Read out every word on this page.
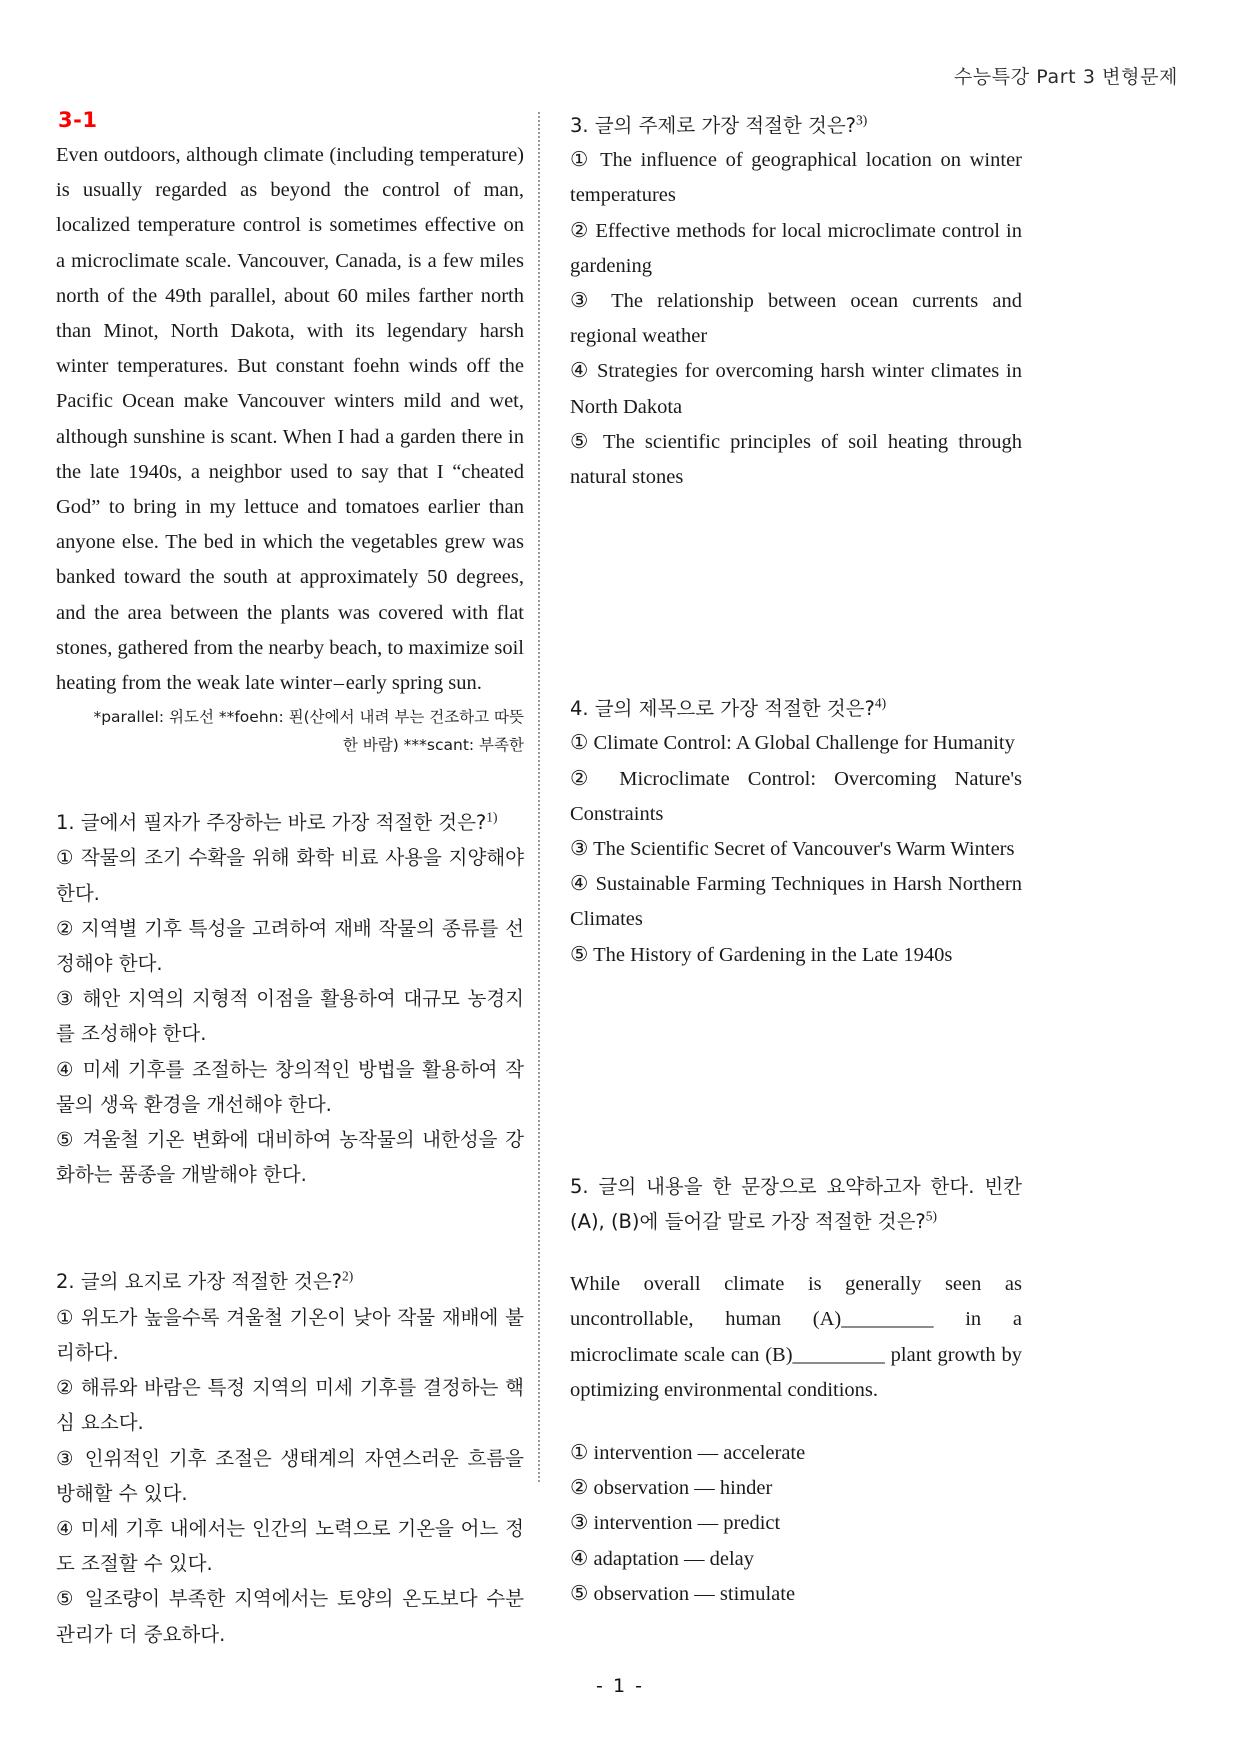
수능특강 Part 3 변형문제
3-1

Even outdoors, although climate (including temperature) is usually regarded as beyond the control of man, localized temperature control is sometimes effective on a microclimate scale. Vancouver, Canada, is a few miles north of the 49th parallel, about 60 miles farther north than Minot, North Dakota, with its legendary harsh winter temperatures. But constant foehn winds off the Pacific Ocean make Vancouver winters mild and wet, although sunshine is scant. When I had a garden there in the late 1940s, a neighbor used to say that I “cheated God” to bring in my lettuce and tomatoes earlier than anyone else. The bed in which the vegetables grew was banked toward the south at approximately 50 degrees, and the area between the plants was covered with flat stones, gathered from the nearby beach, to maximize soil heating from the weak late winter – early spring sun.

*parallel: 위도선 **foehn: 푄(산에서 내려 부는 건조하고 따뜻한 바람) ***scant: 부족한

1. 글에서 필자가 주장하는 바로 가장 적절한 것은?$^{1)}$

① 작물의 조기 수확을 위해 화학 비료 사용을 지양해야 한다.

② 지역별 기후 특성을 고려하여 재배 작물의 종류를 선정해야 한다.

③ 해안 지역의 지형적 이점을 활용하여 대규모 농경지를 조성해야 한다.

④ 미세 기후를 조절하는 창의적인 방법을 활용하여 작물의 생육 환경을 개선해야 한다.

⑤ 겨울철 기온 변화에 대비하여 농작물의 내한성을 강화하는 품종을 개발해야 한다.

2. 글의 요지로 가장 적절한 것은?$^{2)}$

① 위도가 높을수록 겨울철 기온이 낮아 작물 재배에 불리하다.

② 해류와 바람은 특정 지역의 미세 기후를 결정하는 핵심 요소다.

③ 인위적인 기후 조절은 생태계의 자연스러운 흐름을 방해할 수 있다.

④ 미세 기후 내에서는 인간의 노력으로 기온을 어느 정도 조절할 수 있다.

⑤ 일조량이 부족한 지역에서는 토양의 온도보다 수분 관리가 더 중요하다.

3. 글의 주제로 가장 적절한 것은?$^{3)}$

① The influence of geographical location on winter temperatures

② Effective methods for local microclimate control in gardening

③ The relationship between ocean currents and regional weather

④ Strategies for overcoming harsh winter climates in North Dakota

⑤ The scientific principles of soil heating through natural stones

4. 글의 제목으로 가장 적절한 것은?$^{4)}$

① Climate Control: A Global Challenge for Humanity

② Microclimate Control: Overcoming Nature's Constraints

③ The Scientific Secret of Vancouver's Warm Winters

④ Sustainable Farming Techniques in Harsh Northern Climates

⑤ The History of Gardening in the Late 1940s

5. 글의 내용을 한 문장으로 요약하고자 한다. 빈칸 (A), (B)에 들어갈 말로 가장 적절한 것은?$^{5)}$

While overall climate is generally seen as uncontrollable, human (A)_________ in a microclimate scale can (B)_________ plant growth by optimizing environmental conditions.

① intervention — accelerate

② observation — hinder

③ intervention — predict

④ adaptation — delay

⑤ observation — stimulate

- 1 -
